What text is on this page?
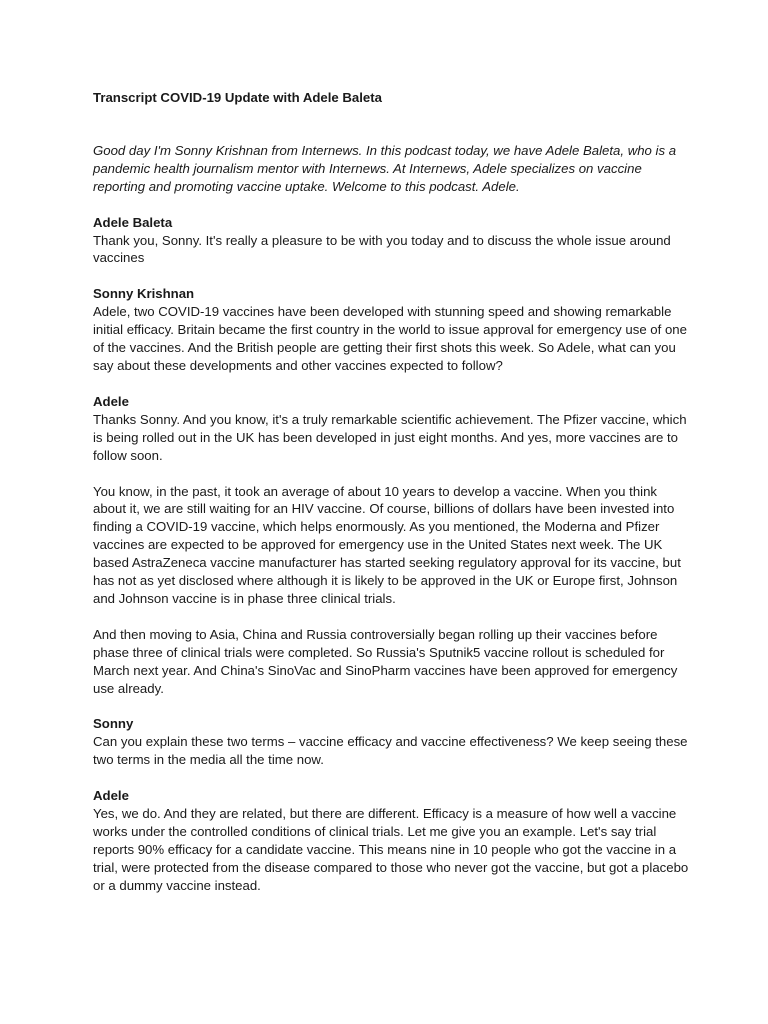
Transcript COVID-19 Update with Adele Baleta

Good day I'm Sonny Krishnan from Internews. In this podcast today, we have Adele Baleta, who is a pandemic health journalism mentor with Internews. At Internews, Adele specializes on vaccine reporting and promoting vaccine uptake. Welcome to this podcast. Adele.

Adele Baleta

Thank you, Sonny. It's really a pleasure to be with you today and to discuss the whole issue around vaccines

Sonny Krishnan

Adele, two COVID-19 vaccines have been developed with stunning speed and showing remarkable initial efficacy. Britain became the first country in the world to issue approval for emergency use of one of the vaccines. And the British people are getting their first shots this week. So Adele, what can you say about these developments and other vaccines expected to follow?

Adele

Thanks Sonny. And you know, it's a truly remarkable scientific achievement. The Pfizer vaccine, which is being rolled out in the UK has been developed in just eight months. And yes, more vaccines are to follow soon.

You know, in the past, it took an average of about 10 years to develop a vaccine. When you think about it, we are still waiting for an HIV vaccine. Of course, billions of dollars have been invested into finding a COVID-19 vaccine, which helps enormously. As you mentioned, the Moderna and Pfizer vaccines are expected to be approved for emergency use in the United States next week. The UK based AstraZeneca vaccine manufacturer has started seeking regulatory approval for its vaccine, but has not as yet disclosed where although it is likely to be approved in the UK or Europe first, Johnson and Johnson vaccine is in phase three clinical trials.

And then moving to Asia, China and Russia controversially began rolling up their vaccines before phase three of clinical trials were completed. So Russia's Sputnik5 vaccine rollout is scheduled for March next year. And China's SinoVac and SinoPharm vaccines have been approved for emergency use already.

Sonny

Can you explain these two terms – vaccine efficacy and vaccine effectiveness? We keep seeing these two terms in the media all the time now.

Adele

Yes, we do. And they are related, but there are different. Efficacy is a measure of how well a vaccine works under the controlled conditions of clinical trials. Let me give you an example. Let's say trial reports 90% efficacy for a candidate vaccine. This means nine in 10 people who got the vaccine in a trial, were protected from the disease compared to those who never got the vaccine, but got a placebo or a dummy vaccine instead.
